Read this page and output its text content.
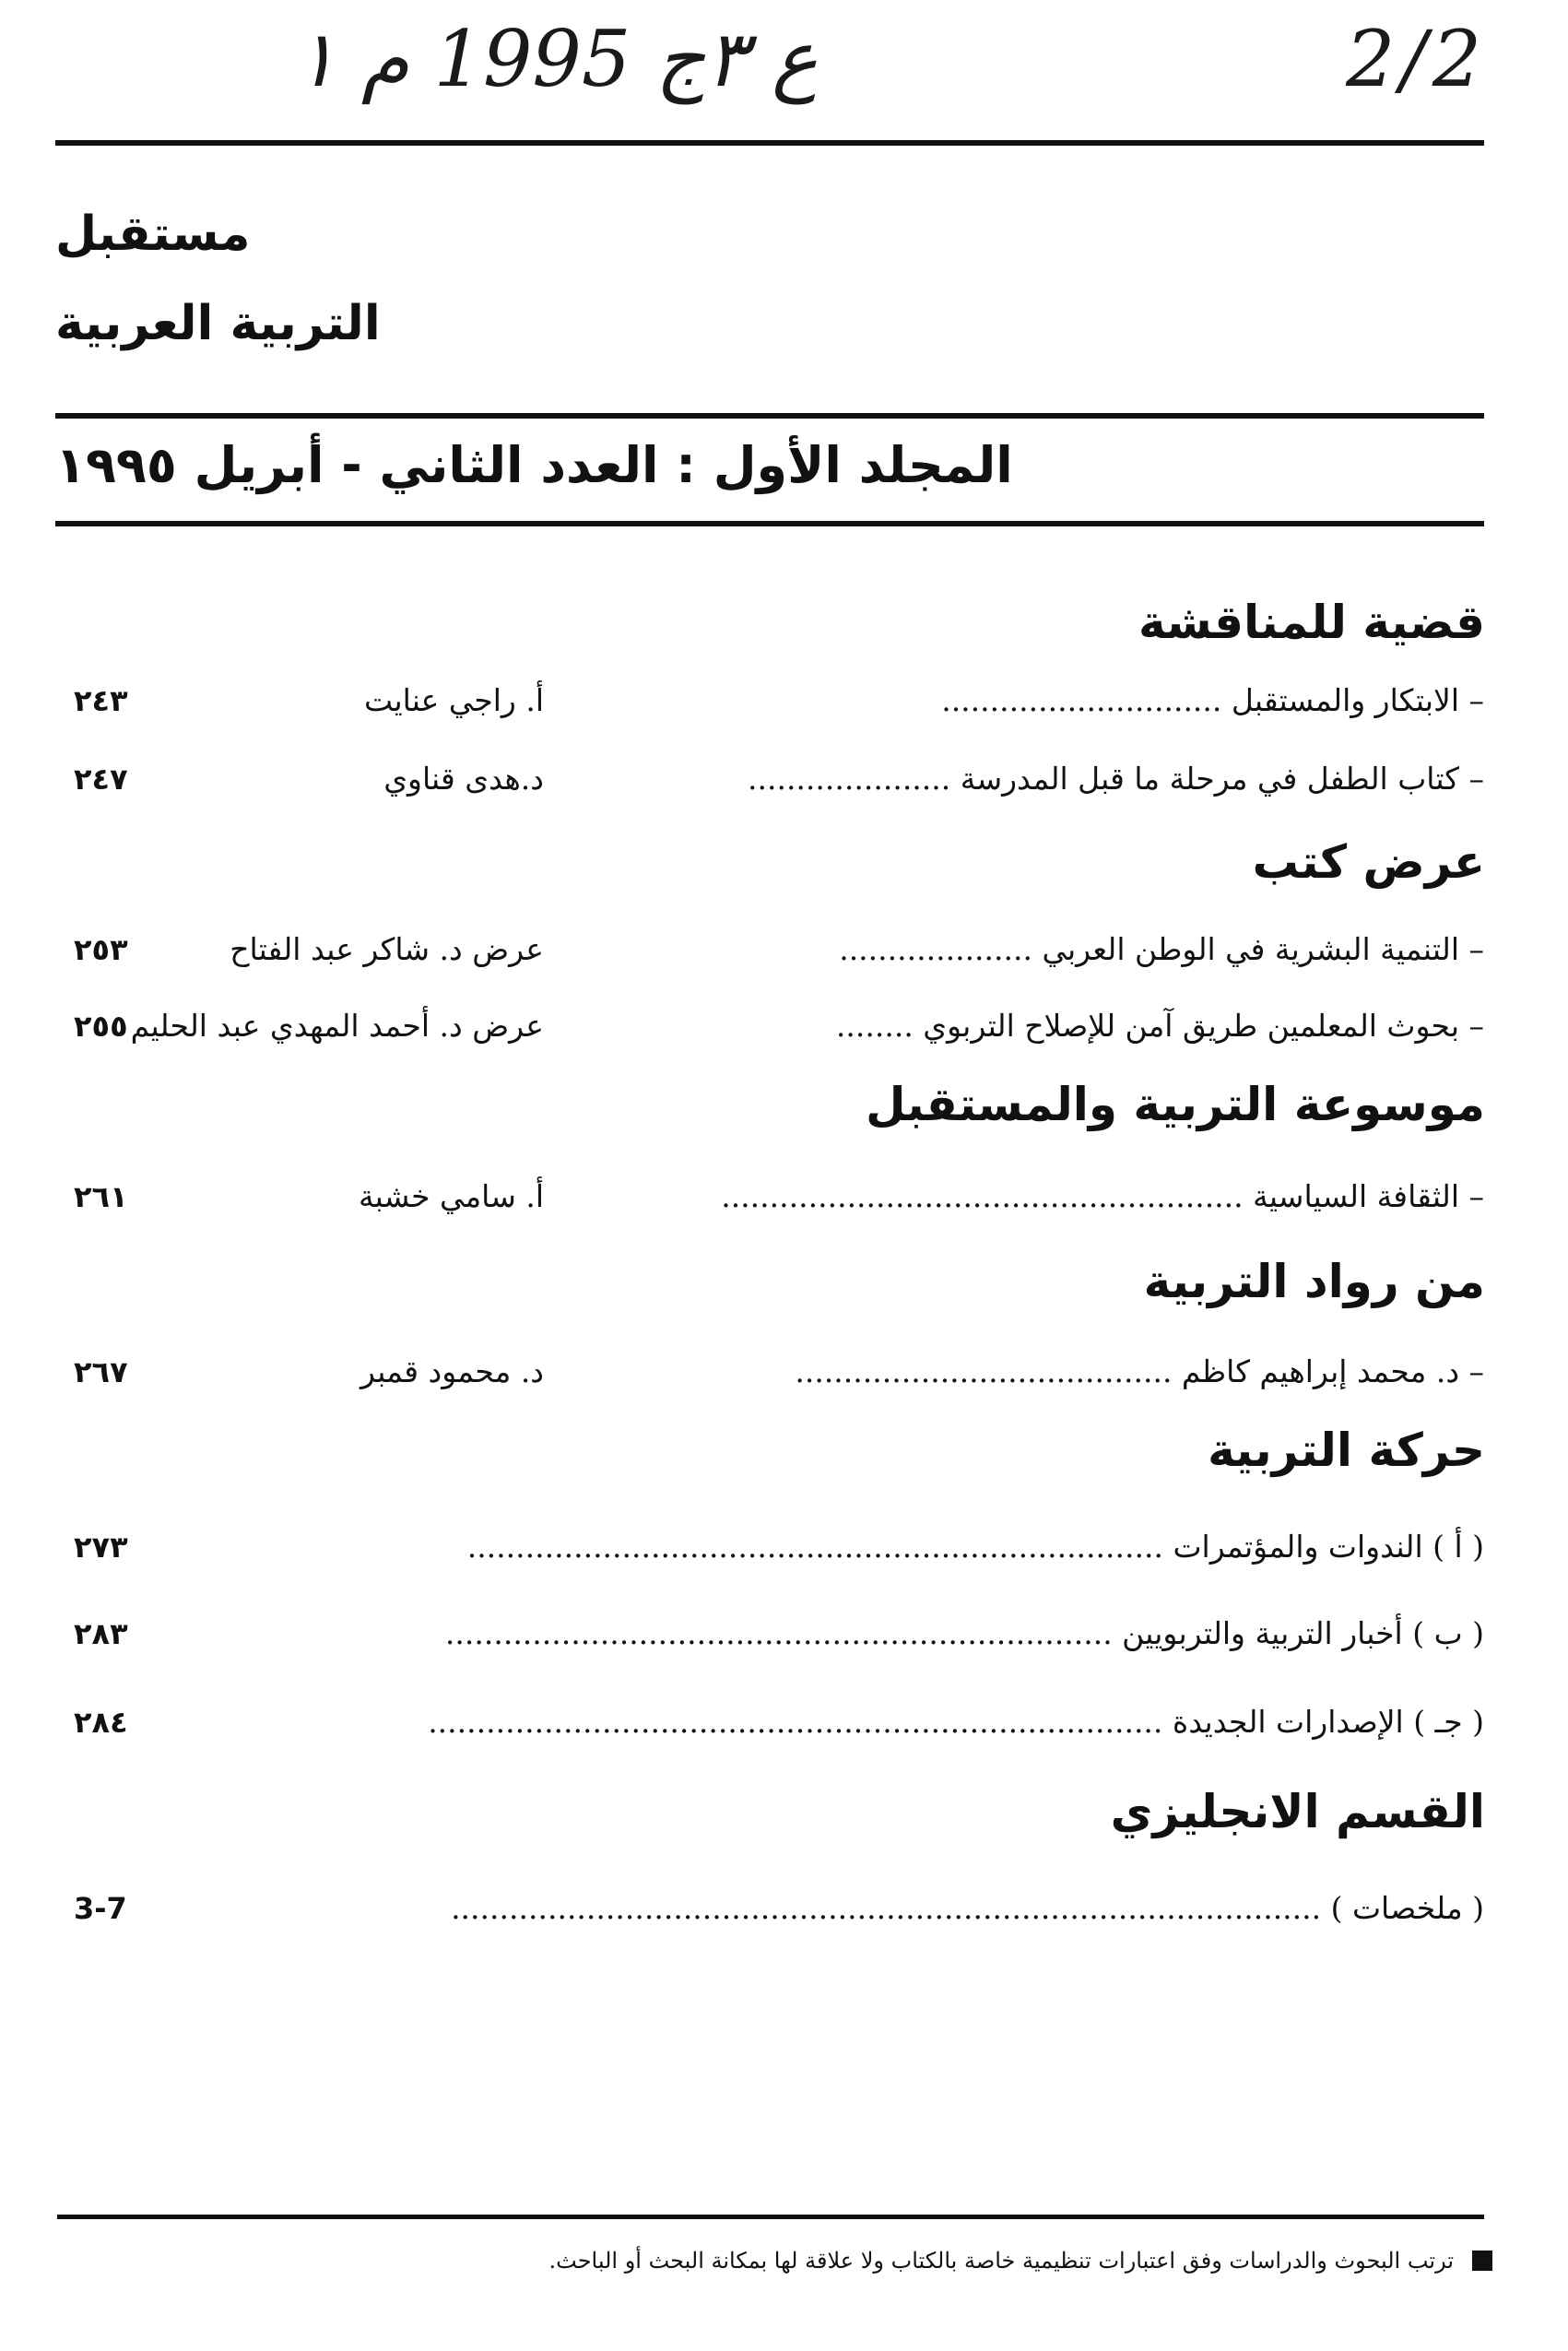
ع ٣ج 1995 م ١	2/2
مستقبل
التربية العربية
المجلد الأول : العدد الثاني - أبريل ١٩٩٥
قضية للمناقشة
– الابتكار والمستقبل .............................
أ. راجي عنايت
٢٤٣
– كتاب الطفل في مرحلة ما قبل المدرسة .....................
د.هدى قناوي
٢٤٧
عرض كتب
– التنمية البشرية في الوطن العربي ....................
عرض د. شاكر عبد الفتاح
٢٥٣
– بحوث المعلمين طريق آمن للإصلاح التربوي ........
عرض د. أحمد المهدي عبد الحليم
٢٥٥
موسوعة التربية والمستقبل
– الثقافة السياسية ......................................................
أ. سامي خشبة
٢٦١
من رواد التربية
– د. محمد إبراهيم كاظم .......................................
د. محمود قمبر
٢٦٧
حركة التربية
( أ ) الندوات والمؤتمرات ........................................................................
٢٧٣
( ب ) أخبار التربية والتربويين .....................................................................
٢٨٣
( جـ ) الإصدارات الجديدة ............................................................................
٢٨٤
القسم الانجليزي
( ملخصات ) ..........................................................................................
3-7
ترتب البحوث والدراسات وفق اعتبارات تنظيمية خاصة بالكتاب ولا علاقة لها بمكانة البحث أو الباحث.
